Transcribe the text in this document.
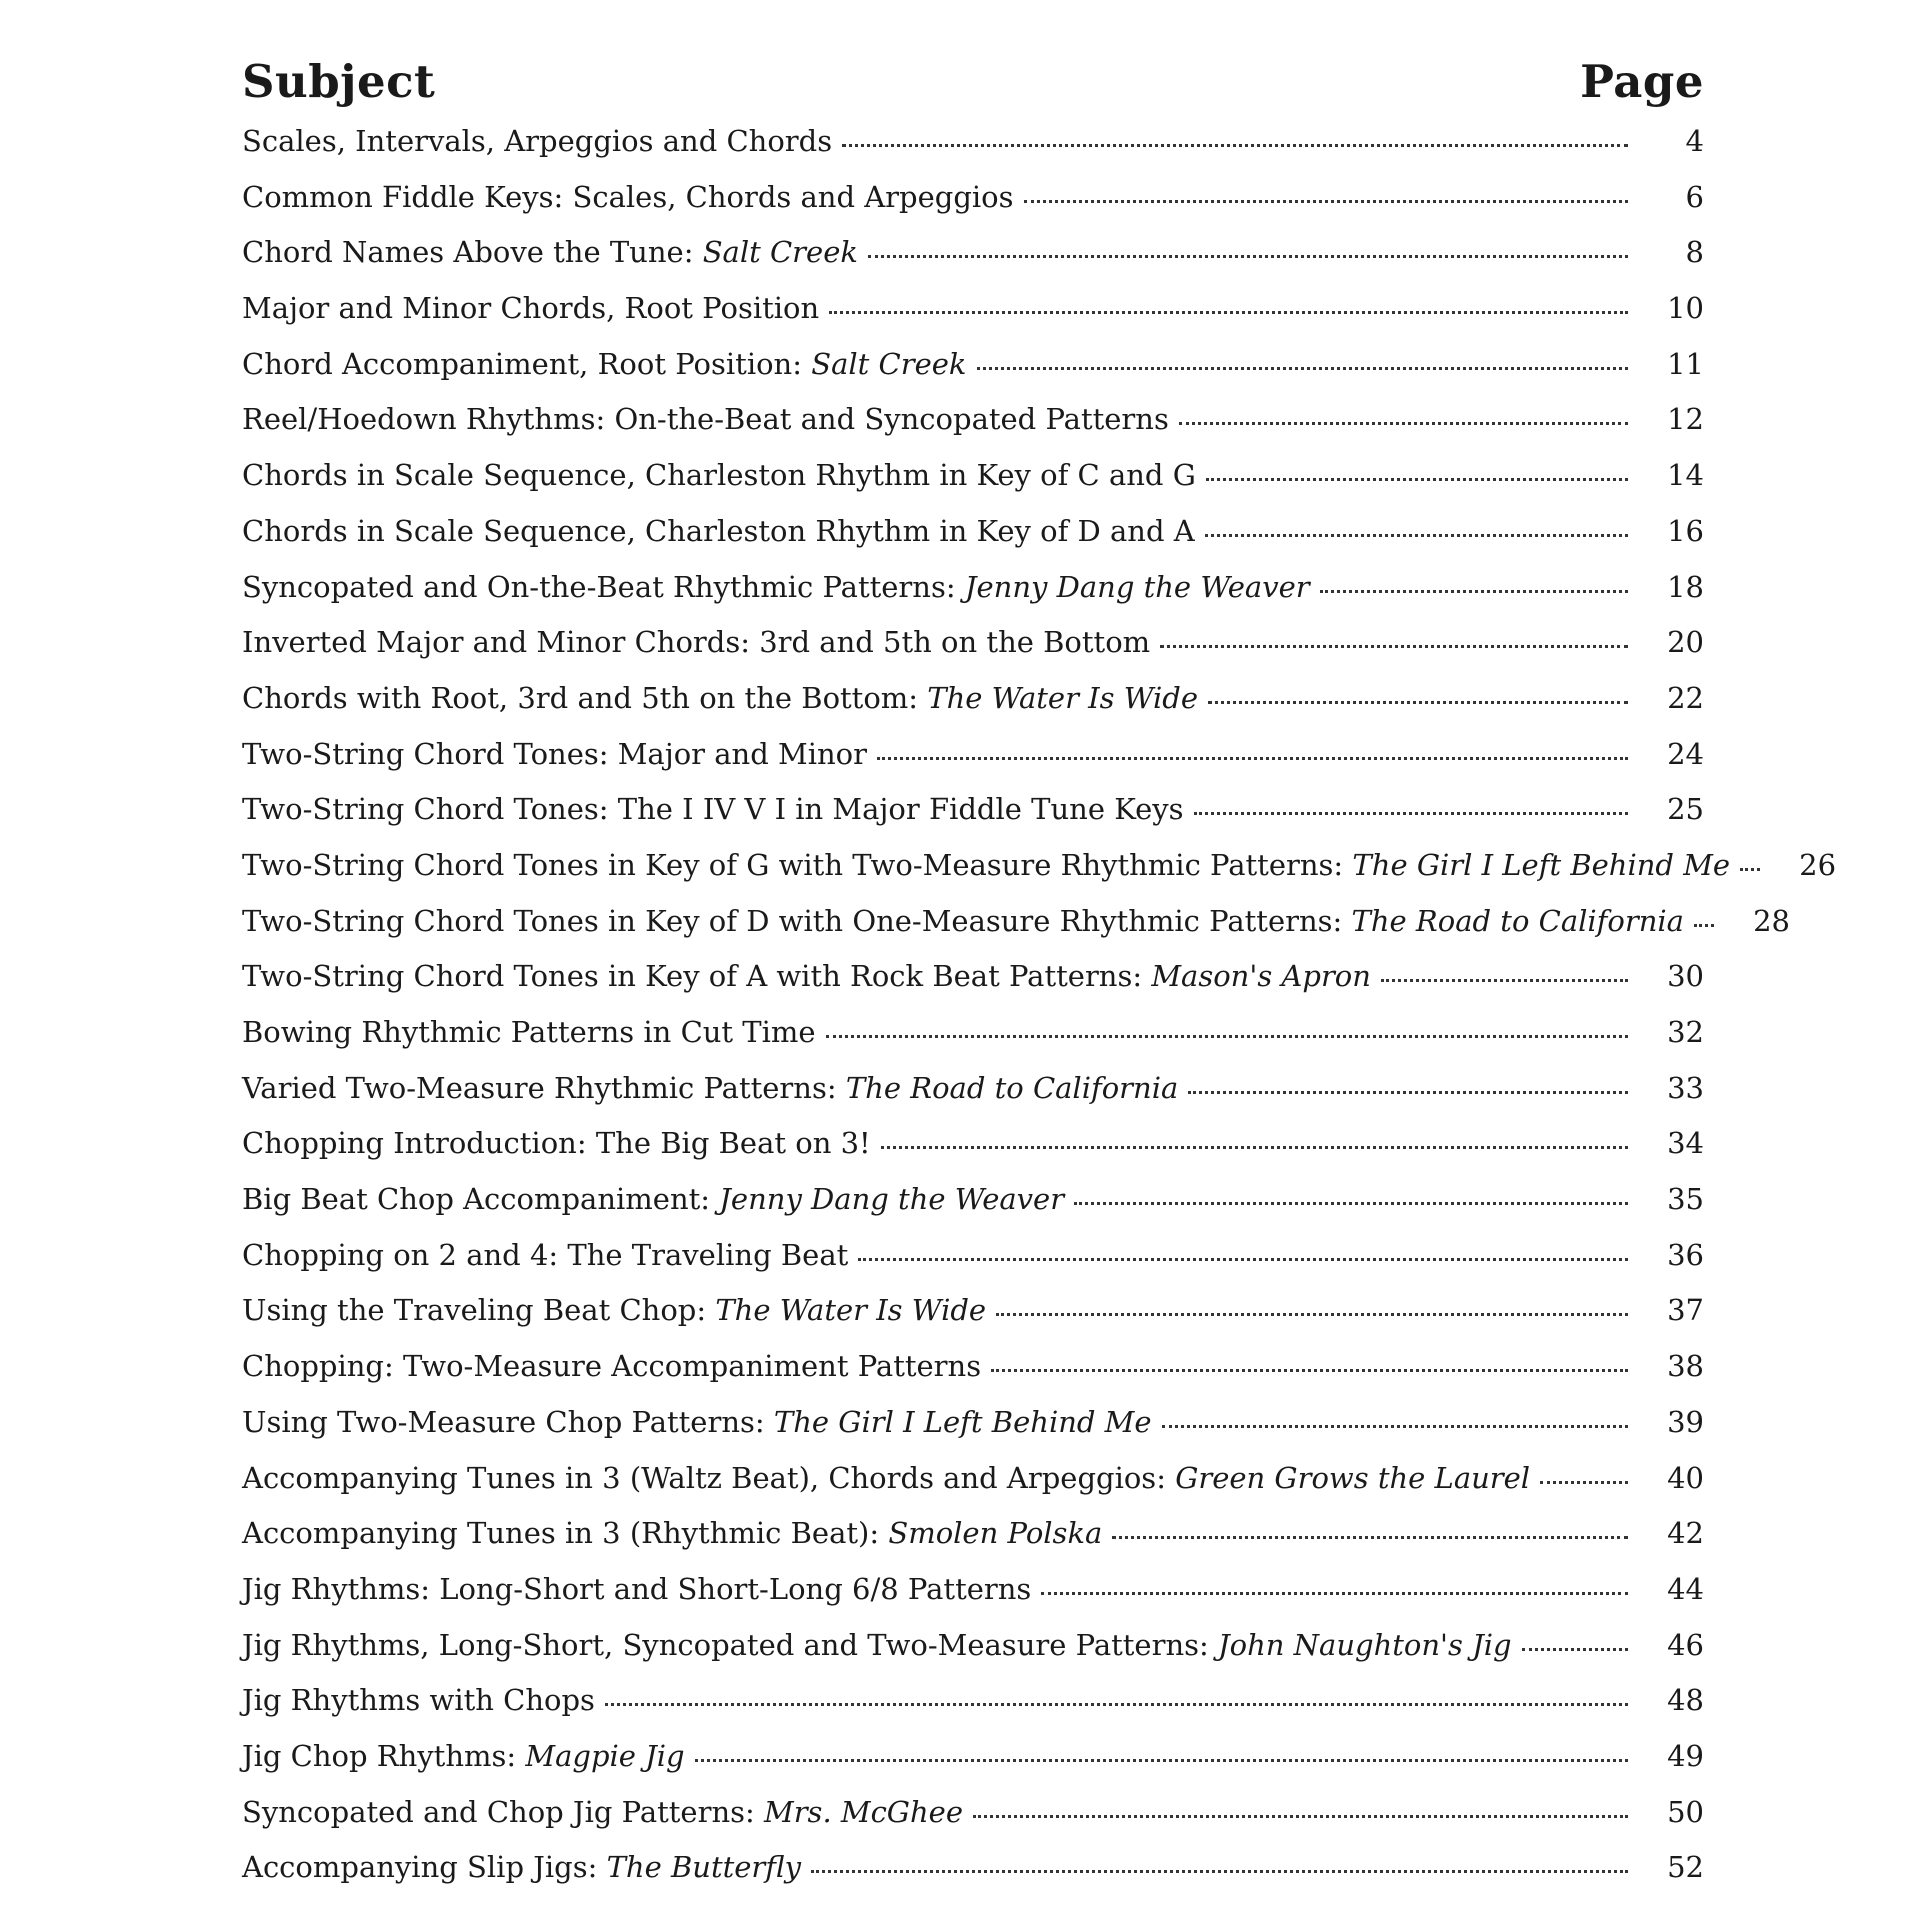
Subject	Page
Scales, Intervals, Arpeggios and Chords	4
Common Fiddle Keys: Scales, Chords and Arpeggios	6
Chord Names Above the Tune: Salt Creek	8
Major and Minor Chords, Root Position	10
Chord Accompaniment, Root Position: Salt Creek	11
Reel/Hoedown Rhythms: On-the-Beat and Syncopated Patterns	12
Chords in Scale Sequence, Charleston Rhythm in Key of C and G	14
Chords in Scale Sequence, Charleston Rhythm in Key of D and A	16
Syncopated and On-the-Beat Rhythmic Patterns: Jenny Dang the Weaver	18
Inverted Major and Minor Chords: 3rd and 5th on the Bottom	20
Chords with Root, 3rd and 5th on the Bottom: The Water Is Wide	22
Two-String Chord Tones: Major and Minor	24
Two-String Chord Tones: The I IV V I in Major Fiddle Tune Keys	25
Two-String Chord Tones in Key of G with Two-Measure Rhythmic Patterns: The Girl I Left Behind Me	26
Two-String Chord Tones in Key of D with One-Measure Rhythmic Patterns: The Road to California	28
Two-String Chord Tones in Key of A with Rock Beat Patterns: Mason's Apron	30
Bowing Rhythmic Patterns in Cut Time	32
Varied Two-Measure Rhythmic Patterns: The Road to California	33
Chopping Introduction: The Big Beat on 3!	34
Big Beat Chop Accompaniment: Jenny Dang the Weaver	35
Chopping on 2 and 4: The Traveling Beat	36
Using the Traveling Beat Chop: The Water Is Wide	37
Chopping: Two-Measure Accompaniment Patterns	38
Using Two-Measure Chop Patterns: The Girl I Left Behind Me	39
Accompanying Tunes in 3 (Waltz Beat), Chords and Arpeggios: Green Grows the Laurel	40
Accompanying Tunes in 3 (Rhythmic Beat): Smolen Polska	42
Jig Rhythms: Long-Short and Short-Long 6/8 Patterns	44
Jig Rhythms, Long-Short, Syncopated and Two-Measure Patterns: John Naughton's Jig	46
Jig Rhythms with Chops	48
Jig Chop Rhythms: Magpie Jig	49
Syncopated and Chop Jig Patterns: Mrs. McGhee	50
Accompanying Slip Jigs: The Butterfly	52
